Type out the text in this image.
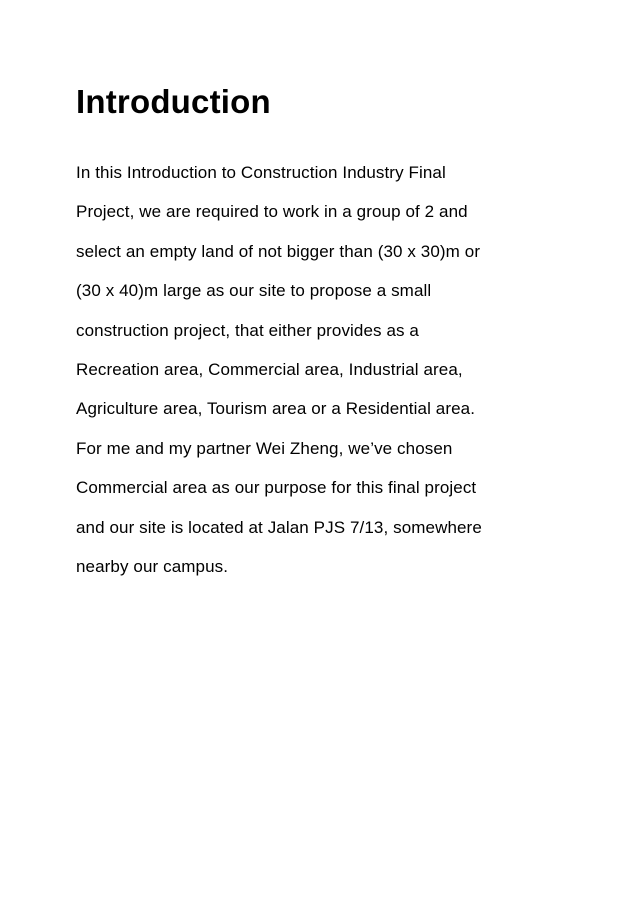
Introduction
In this Introduction to Construction Industry Final
Project, we are required to work in a group of 2 and
select an empty land of not bigger than (30 x 30)m or
(30 x 40)m large as our site to propose a small
construction project, that either provides as a
Recreation area, Commercial area, Industrial area,
Agriculture area, Tourism area or a Residential area.
For me and my partner Wei Zheng, we’ve chosen
Commercial area as our purpose for this final project
and our site is located at Jalan PJS 7/13, somewhere
nearby our campus.
